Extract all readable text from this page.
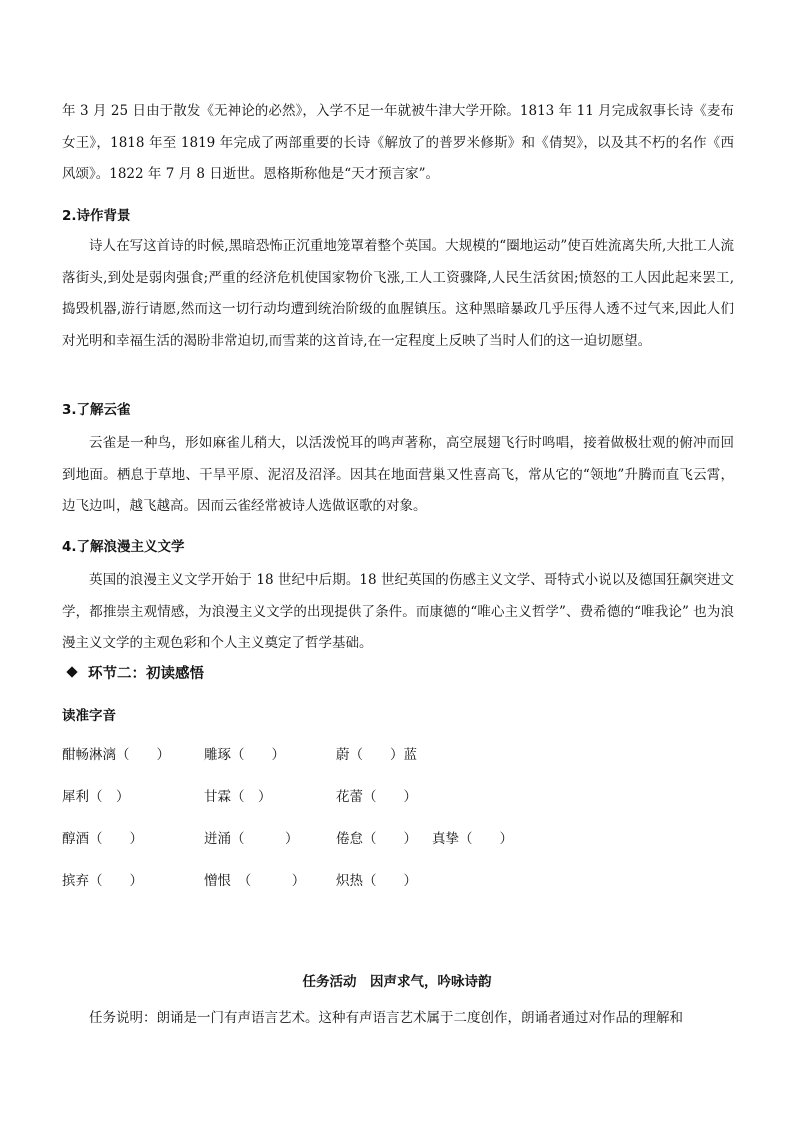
年 3 月 25 日由于散发《无神论的必然》，入学不足一年就被牛津大学开除。1813 年 11 月完成叙事长诗《麦布女王》，1818 年至 1819 年完成了两部重要的长诗《解放了的普罗米修斯》和《倩契》，以及其不朽的名作《西风颂》。1822 年 7 月 8 日逝世。恩格斯称他是“天才预言家”。

2.诗作背景

诗人在写这首诗的时候,黑暗恐怖正沉重地笼罩着整个英国。大规模的“圈地运动”使百姓流离失所,大批工人流落街头,到处是弱肉强食;严重的经济危机使国家物价飞涨,工人工资骤降,人民生活贫困;愤怒的工人因此起来罢工,捣毁机器,游行请愿,然而这一切行动均遭到统治阶级的血腥镇压。这种黑暗暴政几乎压得人透不过气来,因此人们对光明和幸福生活的渴盼非常迫切,而雪莱的这首诗,在一定程度上反映了当时人们的这一迫切愿望。

3.了解云雀

云雀是一种鸟，形如麻雀儿稍大，以活泼悦耳的鸣声著称，高空展翅飞行时鸣唱，接着做极壮观的俯冲而回到地面。栖息于草地、干旱平原、泥沼及沼泽。因其在地面营巢又性喜高飞，常从它的“领地”升腾而直飞云霄，边飞边叫，越飞越高。因而云雀经常被诗人选做讴歌的对象。

4.了解浪漫主义文学

英国的浪漫主义文学开始于 18 世纪中后期。18 世纪英国的伤感主义文学、哥特式小说以及德国狂飙突进文学，都推崇主观情感，为浪漫主义文学的出现提供了条件。而康德的“唯心主义哲学”、费希德的“唯我论” 也为浪漫主义文学的主观色彩和个人主义奠定了哲学基础。

环节二：初读感悟

读准字音

酣畅淋漓（　　）	雕琢（　　）	蔚（　　）蓝
犀利（　）	甘霖（　）	花蕾（　　）
醇酒（　　）	迸涌（　　　）	倦怠（　　） 真挚（　　）
摈弃（　　）	憎恨　（　　　） 炽热（　　）
任务活动　因声求气，吟咏诗韵

任务说明：朗诵是一门有声语言艺术。这种有声语言艺术属于二度创作，朗诵者通过对作品的理解和
